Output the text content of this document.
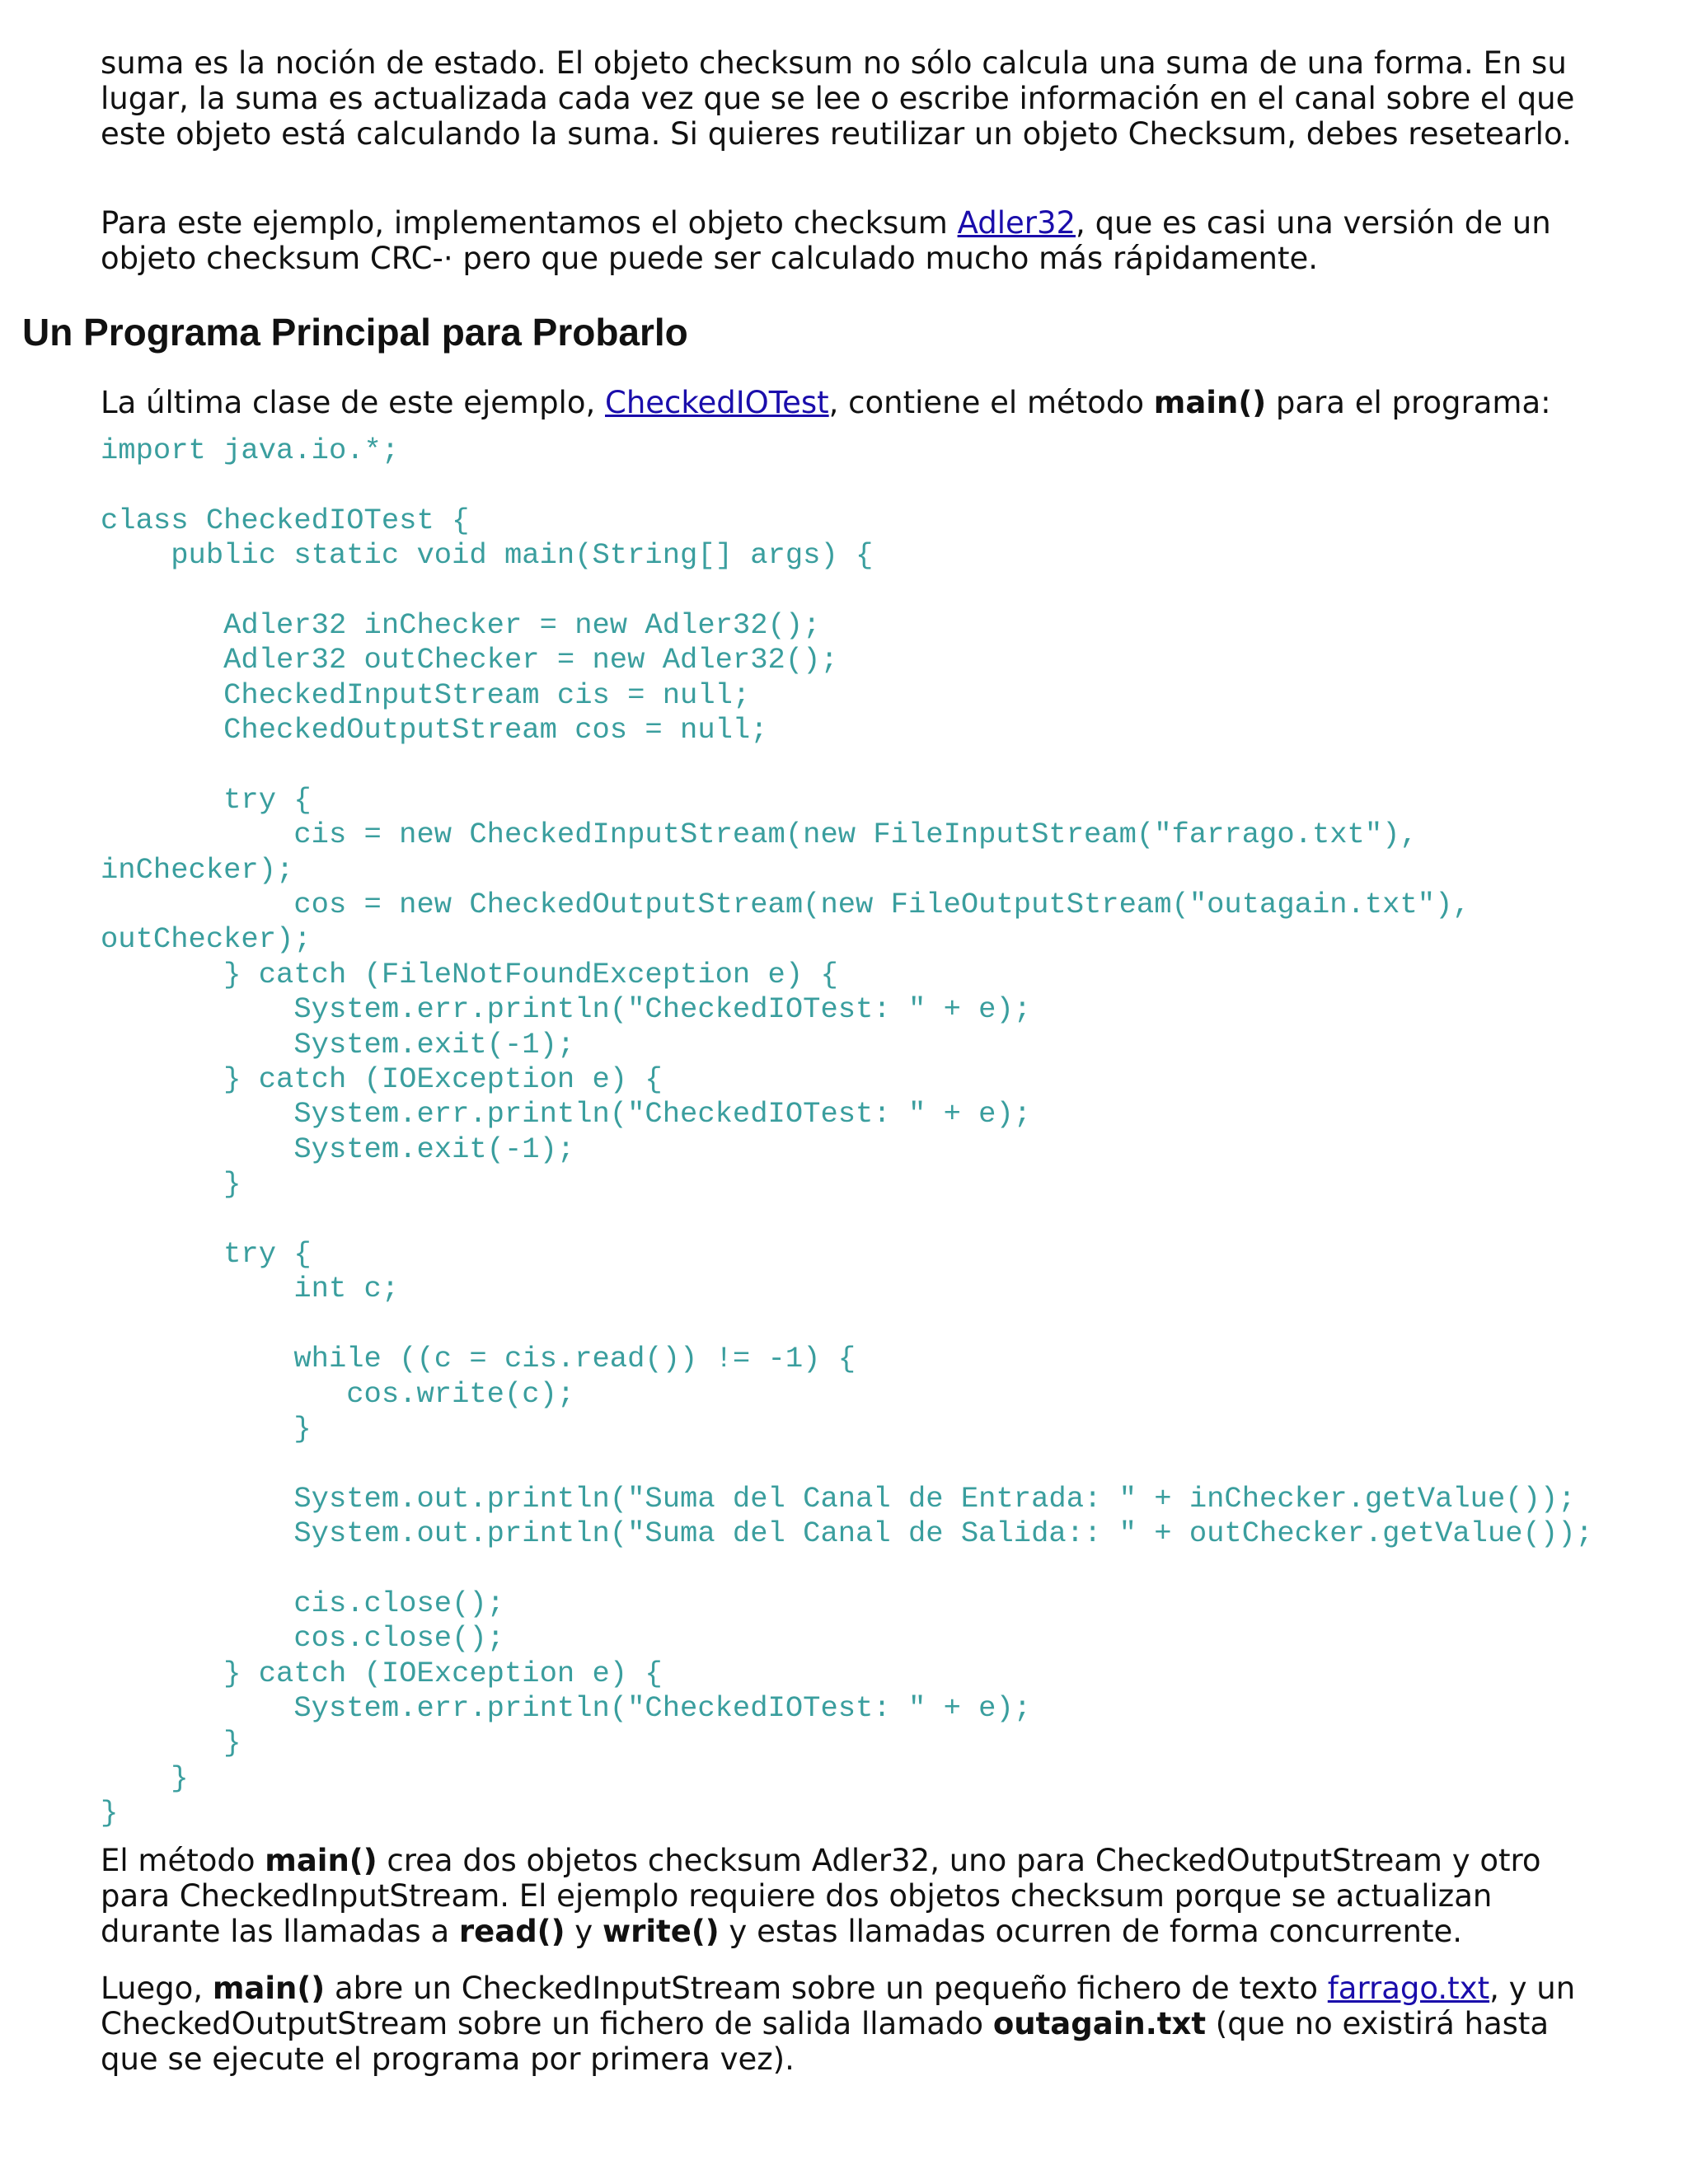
suma es la noción de estado. El objeto checksum no sólo calcula una suma de una forma. En su lugar, la suma es actualizada cada vez que se lee o escribe información en el canal sobre el que este objeto está calculando la suma. Si quieres reutilizar un objeto Checksum, debes resetearlo.

Para este ejemplo, implementamos el objeto checksum Adler32, que es casi una versión de un objeto checksum CRC-· pero que puede ser calculado mucho más rápidamente.

Un Programa Principal para Probarlo

La última clase de este ejemplo, CheckedIOTest, contiene el método main() para el programa:

import java.io.*;
class CheckedIOTest {
public static void main(String[] args) {
Adler32 inChecker = new Adler32();
Adler32 outChecker = new Adler32();
CheckedInputStream cis = null;
CheckedOutputStream cos = null;
try {
cis = new CheckedInputStream(new FileInputStream("farrago.txt"),
inChecker);
cos = new CheckedOutputStream(new FileOutputStream("outagain.txt"),
outChecker);
} catch (FileNotFoundException e) {
System.err.println("CheckedIOTest: " + e);
System.exit(-1);
} catch (IOException e) {
System.err.println("CheckedIOTest: " + e);
System.exit(-1);
}
try {
int c;
while ((c = cis.read()) != -1) {
cos.write(c);
}
System.out.println("Suma del Canal de Entrada: " + inChecker.getValue());
System.out.println("Suma del Canal de Salida:: " + outChecker.getValue());
cis.close();
cos.close();
} catch (IOException e) {
System.err.println("CheckedIOTest: " + e);
}
}
}

El método main() crea dos objetos checksum Adler32, uno para CheckedOutputStream y otro para CheckedInputStream. El ejemplo requiere dos objetos checksum porque se actualizan durante las llamadas a read() y write() y estas llamadas ocurren de forma concurrente.

Luego, main() abre un CheckedInputStream sobre un pequeño fichero de texto farrago.txt, y un CheckedOutputStream sobre un fichero de salida llamado outagain.txt (que no existirá hasta que se ejecute el programa por primera vez).
